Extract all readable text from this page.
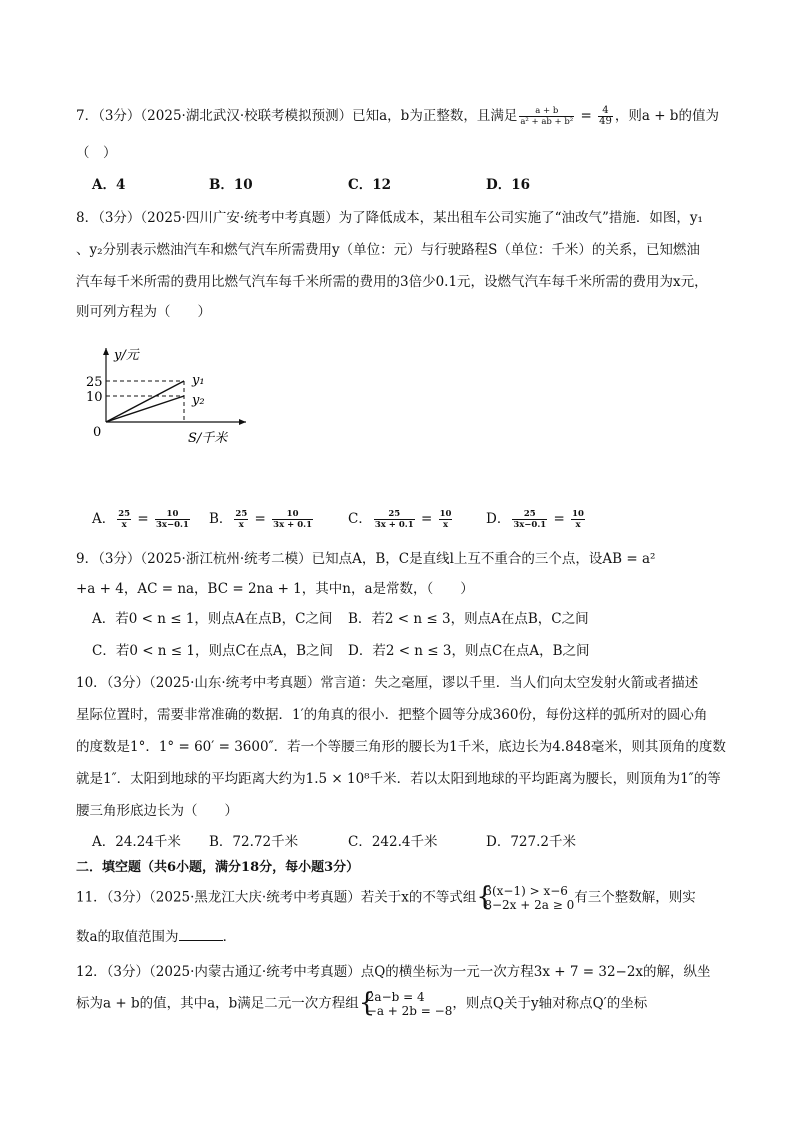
7．（3分）（2025·湖北武汉·校联考模拟预测）已知a，b为正整数，且满足 $\frac{a + b}{\text{a² + ab + b²}} = \frac{4}{49}$ ，则a + b的值为
（　）
A．4	B．10	C．12	D．16
8．（3分）（2025·四川广安·统考中考真题）为了降低成本，某出租车公司实施了“油改气”措施．如图，y₁
、y₂分别表示燃油汽车和燃气汽车所需费用y（单位：元）与行驶路程S（单位：千米）的关系，已知燃油
汽车每千米所需的费用比燃气汽车每千米所需的费用的3倍少0.1元，设燃气汽车每千米所需的费用为x元，
则可列方程为（　　）
y/元
25
10
0
y₁
y₂
S/千米
A． $\frac{25}{x} = \frac{10}{3x-0.1}$ B． $\frac{25}{x} = \frac{10}{3x + 0.1}$	C． $\frac{25}{3x + 0.1} = \frac{10}{x}$ D． $\frac{25}{3x-0.1} = \frac{10}{x}$
9．（3分）（2025·浙江杭州·统考二模）已知点A，B，C是直线l上互不重合的三个点，设AB = a²
+a + 4，AC = na，BC = 2na + 1，其中n，a是常数，（　　）
A．若0 < n ≤ 1，则点A在点B，C之间 B．若2 < n ≤ 3，则点A在点B，C之间
C．若0 < n ≤ 1，则点C在点A，B之间 D．若2 < n ≤ 3，则点C在点A，B之间
10．（3分）（2025·山东·统考中考真题）常言道：失之毫厘，谬以千里．当人们向太空发射火箭或者描述
星际位置时，需要非常准确的数据．1′的角真的很小．把整个圆等分成360份，每份这样的弧所对的圆心角
的度数是1°．1° = 60′ = 3600″．若一个等腰三角形的腰长为1千米，底边长为4.848毫米，则其顶角的度数
就是1″．太阳到地球的平均距离大约为1.5 × 10⁸千米．若以太阳到地球的平均距离为腰长，则顶角为1″的等
腰三角形底边长为（　　）
A．24.24千米 B．72.72千米	C．242.4千米	D．727.2千米
二．填空题（共6小题，满分18分，每小题3分）
11．（3分）（2025·黑龙江大庆·统考中考真题）若关于x的不等式组 {
3(x−1) > x−6
8−2x + 2a ≥ 0 有三个整数解，则实
数a的取值范围为	．
12．（3分）（2025·内蒙古通辽·统考中考真题）点Q的横坐标为一元一次方程3x + 7 = 32−2x的解，纵坐
标为a + b的值，其中a，b满足二元一次方程组 {
2a−b = 4
−a + 2b = −8 ，则点Q关于y轴对称点Q′的坐标
